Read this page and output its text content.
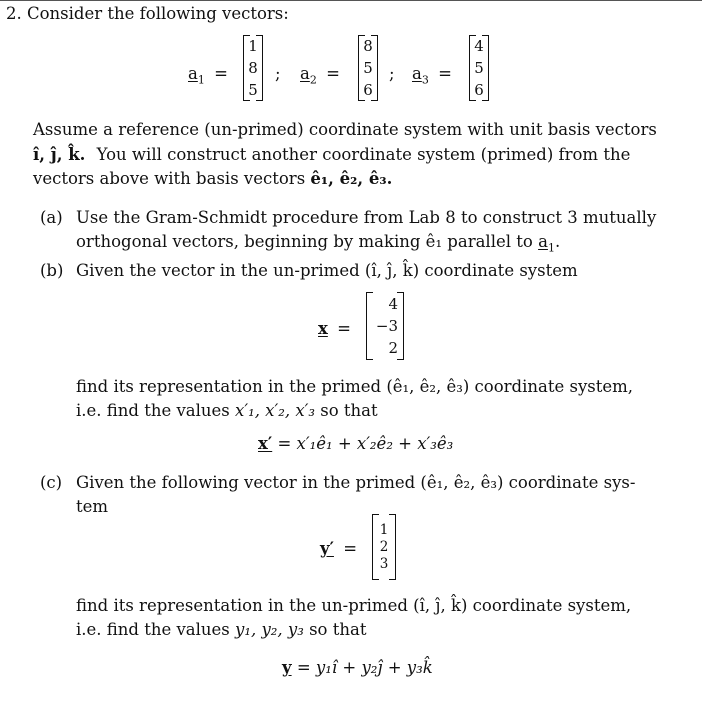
2. Consider the following vectors:
$a_1$ =
1
8
5
; $a_2$ =
8
5
6
; $a_3$ =
4
5
6
Assume a reference (un-primed) coordinate system with unit basis vectors
î, ĵ, k̂. You will construct another coordinate system (primed) from the
vectors above with basis vectors ê₁, ê₂, ê₃.
(a) Use the Gram-Schmidt procedure from Lab 8 to construct 3 mutually
orthogonal vectors, beginning by making ê₁ parallel to $a_1$.
(b) Given the vector in the un-primed (î, ĵ, k̂) coordinate system
x =
4
−3
2
find its representation in the primed (ê₁, ê₂, ê₃) coordinate system,
i.e. find the values x′₁, x′₂, x′₃ so that
x′ = x′₁ê₁ + x′₂ê₂ + x′₃ê₃
(c) Given the following vector in the primed (ê₁, ê₂, ê₃) coordinate sys-
tem
y′ =
1
2
3
find its representation in the un-primed (î, ĵ, k̂) coordinate system,
i.e. find the values y₁, y₂, y₃ so that
y = y₁î + y₂ĵ + y₃k̂
